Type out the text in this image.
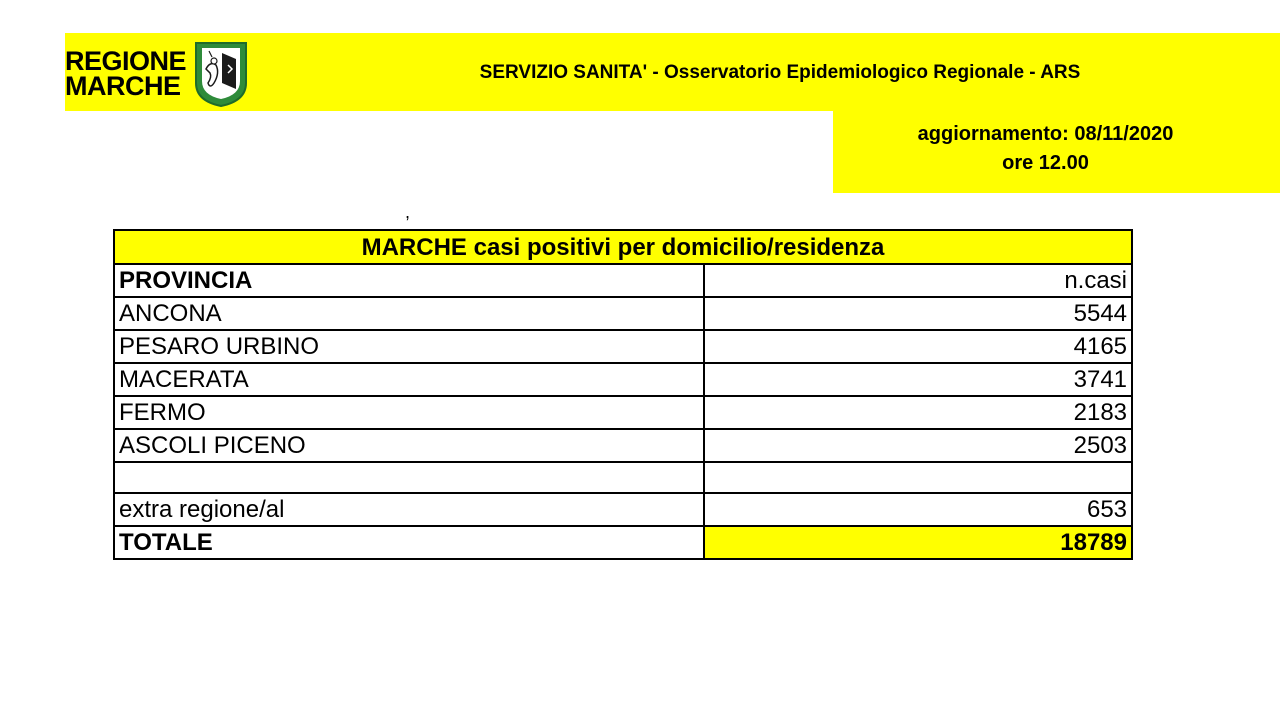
REGIONE
MARCHE	SERVIZIO SANITA' - Osservatorio Epidemiologico Regionale - ARS
aggiornamento: 08/11/2020
ore 12.00
,
MARCHE casi positivi per domicilio/residenza	
PROVINCIA	n.casi
ANCONA	5544
PESARO URBINO	4165
MACERATA	3741
FERMO	2183
ASCOLI PICENO	2503

extra regione/al	653
TOTALE	18789
